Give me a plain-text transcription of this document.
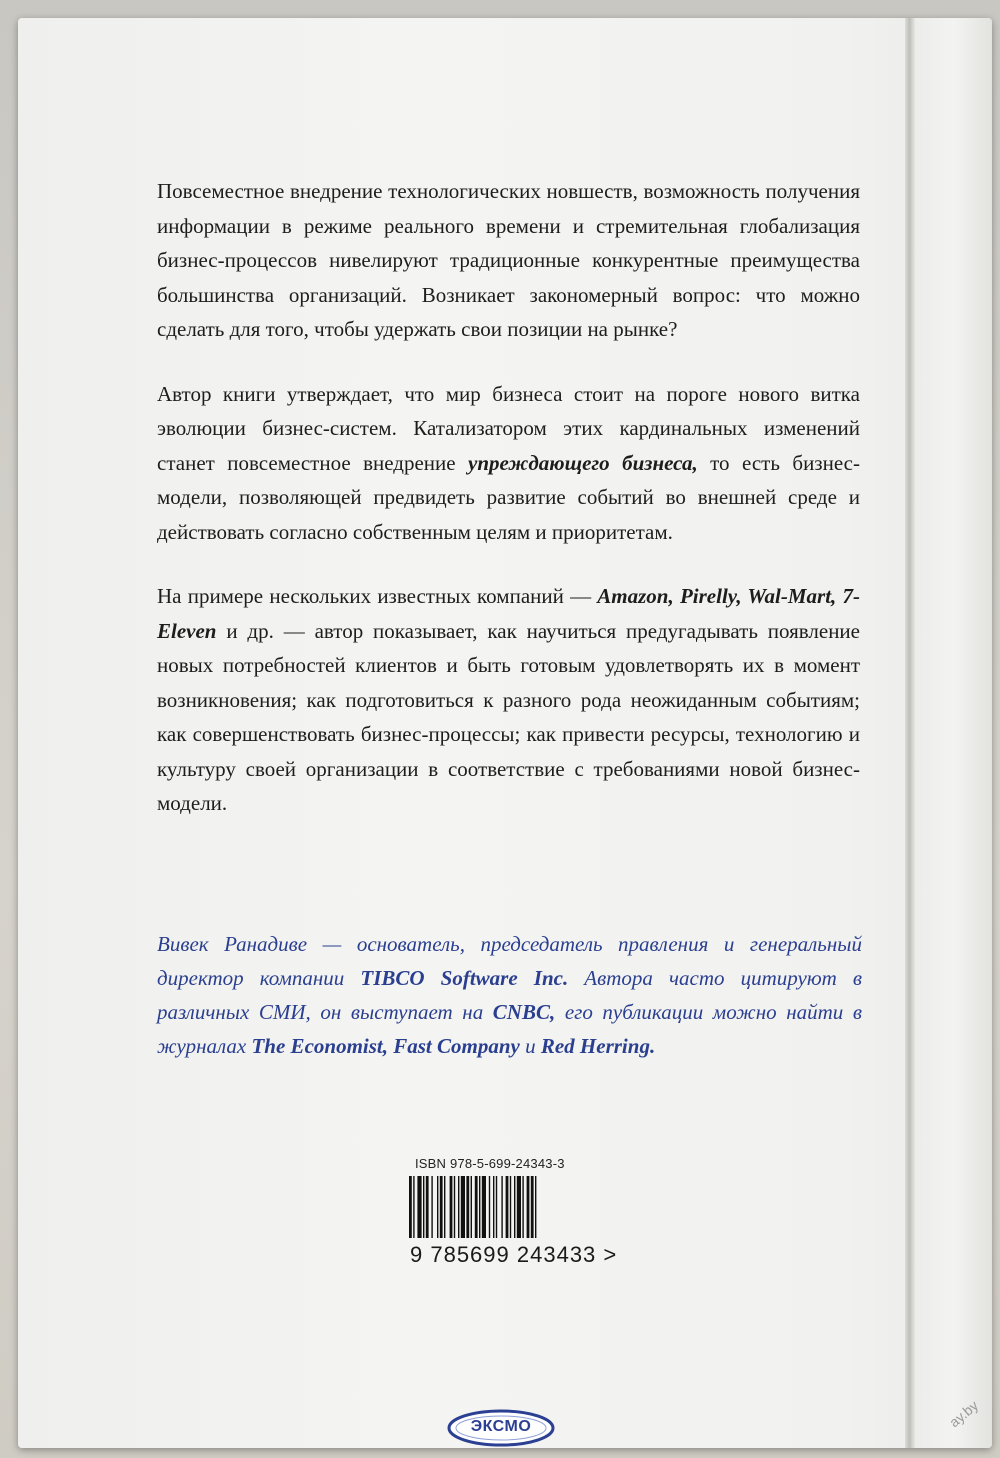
Повсеместное внедрение технологических новшеств, возможность получения информации в режиме реального времени и стремительная глобализация бизнес-процессов нивелируют традиционные конкурентные преимущества большинства организаций. Возникает закономерный вопрос: что можно сделать для того, чтобы удержать свои позиции на рынке?

Автор книги утверждает, что мир бизнеса стоит на пороге нового витка эволюции бизнес-систем. Катализатором этих кардинальных изменений станет повсеместное внедрение упреждающего бизнеса, то есть бизнес-модели, позволяющей предвидеть развитие событий во внешней среде и действовать согласно собственным целям и приоритетам.

На примере нескольких известных компаний — Amazon, Pirelly, Wal-Mart, 7-Eleven и др. — автор показывает, как научиться предугадывать появление новых потребностей клиентов и быть готовым удовлетворять их в момент возникновения; как подготовиться к разного рода неожиданным событиям; как совершенствовать бизнес-процессы; как привести ресурсы, технологию и культуру своей организации в соответствие с требованиями новой бизнес-модели.

Вивек Ранадиве — основатель, председатель правления и генеральный директор компании TIBCO Software Inc. Автора часто цитируют в различных СМИ, он выступает на CNBC, его публикации можно найти в журналах The Economist, Fast Company и Red Herring.
ISBN 978-5-699-24343-3
9 785699 243433 >
ЭКСМО	ay.by
